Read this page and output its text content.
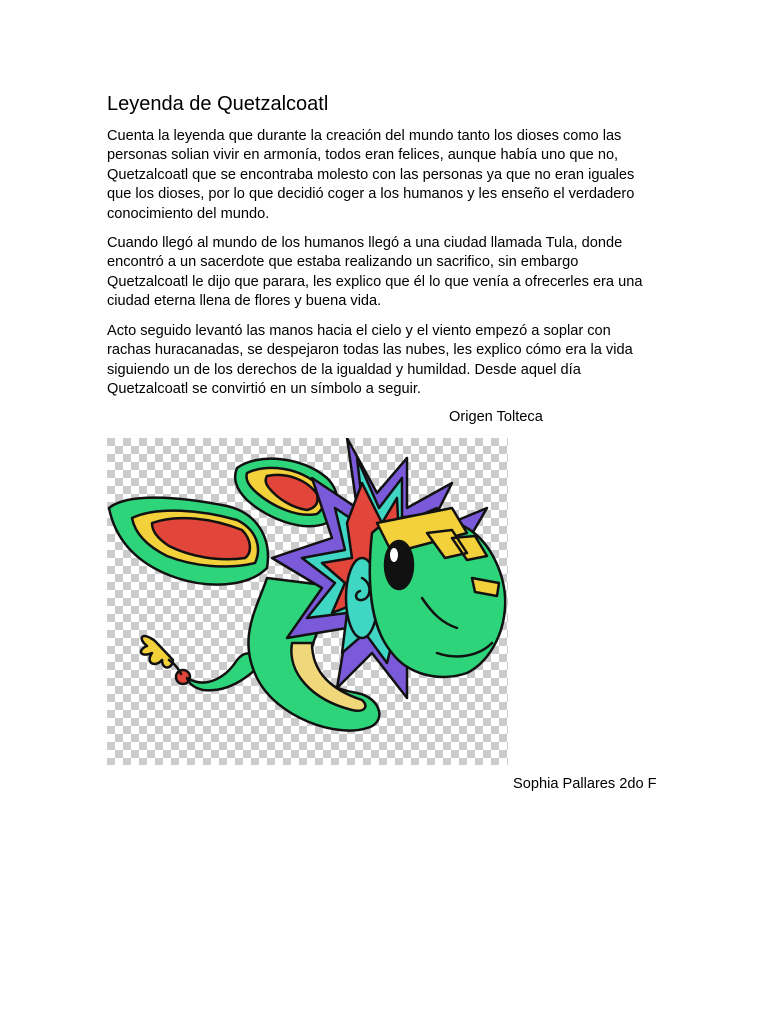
Leyenda de Quetzalcoatl

Cuenta la leyenda que durante la creación del mundo tanto los dioses como las
personas solian vivir en armonía, todos eran felices, aunque había uno que no,
Quetzalcoatl que se encontraba molesto con las personas ya que no eran iguales
que los dioses, por lo que decidió coger a los humanos y les enseño el verdadero
conocimiento del mundo.

Cuando llegó al mundo de los humanos llegó a una ciudad llamada Tula, donde
encontró a un sacerdote que estaba realizando un sacrifico, sin embargo
Quetzalcoatl le dijo que parara, les explico que él lo que venía a ofrecerles era una
ciudad eterna llena de flores y buena vida.

Acto seguido levantó las manos hacia el cielo y el viento empezó a soplar con
rachas huracanadas, se despejaron todas las nubes, les explico cómo era la vida
siguiendo un de los derechos de la igualdad y humildad. Desde aquel día
Quetzalcoatl se convirtió en un símbolo a seguir.

Origen Tolteca

Sophia Pallares 2do F
